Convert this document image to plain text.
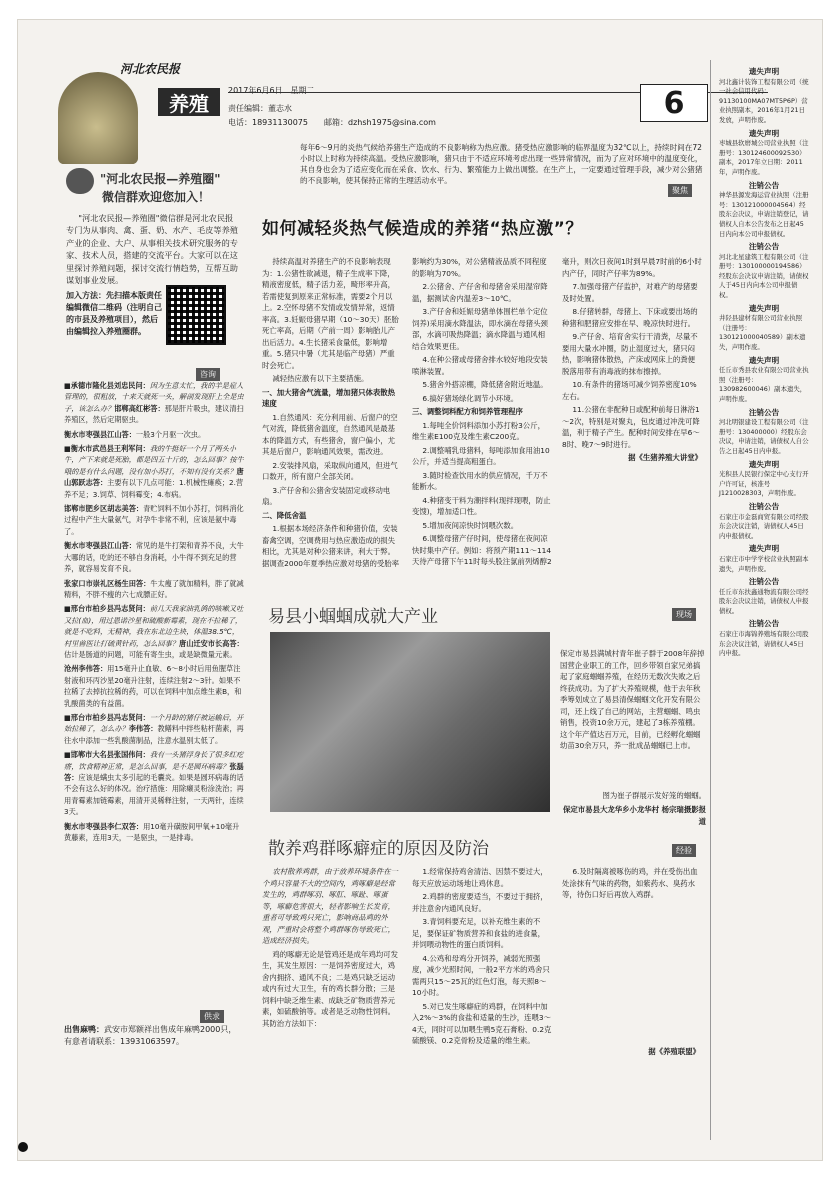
河北农民报
养殖
2017年6月6日　星期二
责任编辑：董志水
电话：18931130075　　 邮箱：dzhsh1975@sina.com
6
每年6～9月的炎热气候给养猪生产造成的不良影响称为热应激。猪受热应激影响的临界温度为32℃以上，持续时间在72小时以上时称为持续高温。受热应激影响，猪只由于不适应环境考虑出现一些异常情况，而为了应对环境中的温度变化，其自身也会为了适应变化而在采食、饮水、行为、繁殖能力上做出调整。在生产上，一定要通过管理手段，减少对公猪猪的不良影响，使其保持正常的生理活动水平。
聚焦
"河北农民报—养殖圈"
微信群欢迎您加入！
"河北农民报—养殖圈"微信群是河北农民报专门为从事肉、禽、蛋、奶、水产、毛皮等养殖产业的企业、大户、从事相关技术研究服务的专家、技术人员，搭建的交流平台。大家可以在这里探讨养殖问题，探讨交流行情趋势，互帮互助谋划事业发展。
加入方法：先扫描本版责任编辑微信二维码（注明自己的市县及养殖项目），然后由编辑拉入养殖圈群。
咨询
■承德市隆化县刘忠民问：因为生意太忙，我的羊是雇人管理的，很粗放，十来天就死一头，解剖发现肝上全是虫子，该怎么办？邯郸高红彬答：那是肝片吸虫，建议清扫养殖区，然后定期驱虫。
衡水市枣强县江山答：一般3个月驱一次虫。
■衡水市武邑县王利军问：我的牛挺好一个月了两头小牛，产下来就是死胎，都是四五十斤的，怎么回事？按牛哦的是有什么问题，没有加小苏打，不知有没有关系？唐山郭跃志答：主要有以下几点可能：1.机械性瘫痪；2.营养不足；3.饲草、饲料霉变；4.布病。
邯郸市肥乡区胡志美答：青贮饲料不加小苏打，饲料消化过程中产生大量氨气，对孕牛非常不利，应该是氨中毒了。
衡水市枣强县江山答：常见的是牛打架和青养不良，大牛大哪的话，吃的还不够自身消耗，小牛得不到充足的营养，就容易发育不良。
张家口市崇礼区杨生田答：牛太瘦了就加精料，胖了就减精料，不胖不瘦的六七成膘正好。
■邢台市柏乡县冯志贤问：前几天我家油乳鸽的咳嗽又吐又拉(血)，用过恩诺沙星和硫酸新霉素，现在不拉稀了，就是不吃料，无精神，我在东北边生块，体温38.5℃，村里兽医让打硫黄针药，怎么回事？唐山迁安市长高答：估计是肠道的问题，可能有寄生虫，或是缺微量元素。
沧州李伟答：用15毫升止血敏、6～8小时后用鱼腥草注射液和环丙沙星20毫升注射，连续注射2～3针。如果不拉稀了去掉抗拉稀的药，可以在饲料中加点维生素B，和乳酸菌类的有益菌。
■邢台市柏乡县冯志贤问：一个月龄的猪仔被运输后，开始拉稀了，怎么办？李伟答：教鳝料中拌些粘杆菌素，再往水中添加一些乳酸菌制品，注意水温别太低了。
■邯郸市大名县张国伟问：我有一头猪浮身长了很多红疙瘩，饮食精神正常，是怎么回事，是不是圆环病毒？张磊答：应该是螨虫太多引起的毛囊炎。如果是圆环病毒的话不会有这么好的体况。治疗措施：用除癞灵粉涂洗治；再用青霉素加链霉素，用清开灵稀释注射，一天两针，连续3天。
衡水市枣强县李仁双答：用10毫升磺胺间甲氧+10毫升黄藤素，连用3天，一是驱虫，一是排毒。
供求
出售麻鸭：武安市郑额祥出售成年麻鸭2000只，有意者请联系：13931063597。
如何减轻炎热气候造成的养猪“热应激”？

持续高温对养猪生产的不良影响表现为：1.公猪性欲减退，精子生成率下降，精液密度低，精子活力差，畸形率升高，若需使复到原来正常标准，需要2个月以上。2.空怀母猪不发情或发情异常，返情率高。3.妊娠母猪早期（10～30天）胚胎死亡率高，后期（产前一周）影响胎儿产出后活力。4.生长猪采食量低，影响增重。5.猪只中暑（尤其是临产母猪）严重时会死亡。

减轻热应激有以下主要措施。

一、加大猪舍气流量，增加猪只体表散热速度

1.自然通风：充分利用前、后窗户的空气对流，降低猪舍温度，自然通风是最基本的降温方式，有些猪舍，窗户偏小，尤其是后窗户，影响通风效果，需改进。

2.安装排风扇，采取纵向通风，但进气口数开，所有窗户全部关闭。

3.产仔舍和公猪舍安装固定或移动电扇。

二、降低舍温

1.根据本场经济条件和种猪价值，安装畜禽空调，空调费用与热应激造成的损失相比，尤其是对种公猪来讲，利大于弊。据调查2000年夏季热应激对母猪的受胎率影响约为30%，对公猪精液品质不同程度的影响为70%。

2.公猪舍、产仔舍和母猪舍采用湿帘降温，据测试舍内温差3～10℃。

3.产仔舍和妊娠母猪单体围栏单个定位饲养)采用滴水降温法，即水滴在母猪头颈部，水滴可吸热降温；滴水降温与通风相结合效果更佳。

4.在种公猪或母猪舍排水较好地段安装喷淋装置。

5.猪舍外搭凉棚，降低猪舍附近地温。

6.搞好猪场绿化调节小环境。

三、调整饲料配方和饲养管理程序

1.每吨全价饲料添加小苏打粉3公斤，维生素E100克及维生素C200克。

2.调整哺乳母猪料，每吨添加食用油10公斤，并适当提高粗蛋白。

3.随时检查饮用水的供应情况，千万不能断水。

4.种猪变干料为潮拌料(现拌现喂，防止变馊)，增加适口性。

5.增加夜间凉快时饲喂次数。

6.调整母猪产仔时间，使母猪在夜间凉快时集中产仔。例如：将预产期111～114天待产母猪下午11时每头股注氯前列烯醇2毫升，则次日夜间1时到早晨7时前的6小时内产仔，同时产仔率为89%。

7.加强母猪产仔监护，对难产的母猪要及时处置。

8.仔猪转群，母猪上、下床或要出场的种猪和肥猪应安排在早、晚凉快时进行。

9.产仔舍、培育舍实行干清粪，尽量不要用大量水冲圈，防止湿度过大，猪只闷热，影响猪体散热，产床或网床上的粪便脱落用带有消毒液的抹布擦掉。

10.有条件的猪场可减少饲养密度10%左右。

11.公猪在非配种日或配种前每日淋浴1～2次，特别是对聚丸，包皮通过冲洗可降温，利于精子产生。配种时间安排在早6～8时、晚7～9时进行。

据《生猪养殖大讲堂》

易县小蝈蝈成就大产业	现场
保定市易县满城村青年崔子群于2008年辞掉国营企业职工的工作，回乡带领自家兄弟搞起了家庭蝈蝈养殖，在经历无数次失败之后终获成功。为了扩大养殖规模，他于去年秋季筹划成立了易县清保蝈蝈文化开发有限公司，还上线了自己的网站，主营蝈蝈、鸣虫销售，投资10余万元，建起了3栋养殖棚。这个年产值达百万元，目前，已经孵化蝈蝈幼苗30余万只，养一批成品蝈蝈已上市。
图为崔子群展示发好笼的蝈蝈。
保定市易县大龙华乡小龙华村 杨宗瑞摄影报道
散养鸡群啄癖症的原因及防治	经验

农村散养鸡群，由于放养环境条件在一个鸡只容量不大的空间内，鸡啄癖是经常发生的，鸡群啄羽、啄肛、啄趾、啄蛋等，啄癖危害很大，轻者影响生长发育，重者可导致鸡只死亡，影响商品鸡的外观，严重时会将整个鸡群啄伤导致死亡，造成经济损失。

鸡的啄癖无论是管鸡还是成年鸡均可发生，其发生原因：一是饲养密度过大，鸡舍内拥挤、通风不良；二是鸡只缺乏运动或内有过大卫生，有的鸡长群分散；三是饲料中缺乏维生素、成缺乏矿物质营养元素，如硫酸钠等。或者是乏动物性饲料。其防治方法如下：

1.经常保持鸡舍清洁、因禁不要过大，每天应放运动场地让鸡休息。

2.鸡群的密度要适当，不要过于拥挤，并注意舍内通风良好。

3.青饲料要充足，以补充维生素的不足，要保证矿物质营养和食盐的进食量，并饲喂动物性的蛋白质饲料。

4.公鸡和母鸡分开饲养，减弱光照强度，减少光照时间，一般2平方米的鸡舍只需两只15～25瓦的红色灯泡，每天照8～10小时。

5.对已发生啄癖症的鸡群，在饲料中加入2%～3%的食盐和适量的生沙，连喂3～4天，同时可以加喂生鸭5克石膏粉、0.2克硫酸镁、0.2克骨粉及适量的维生素。

6.及时隔离被啄伤的鸡，并在受伤出血处涂抹有气味的药物，如紫药水、臭药水等，待伤口好后再放入鸡群。

据《养殖联盟》
遗失声明
河北鑫计装饰工程有限公司（统一社会信用代码：91130100MA07MT5P6P）营业执照副本，2016年1月21日发放，声明作废。
遗失声明
枣城县软磨城公司营业执照（注册号：130124600092530）副本，2017年立日期：2011年，声明作废。
注销公告
神华县源发海运营业执照（注册号：130121000004564）经股东会决议，申请注销登记，请债权人自本公告发布之日起45日内向本公司申报债权。
注销公告
河北北星建筑工程有限公司（注册号：130100000194586）经股东会决议申请注销，请债权人于45日内向本公司申报债权。
遗失声明
井陉县建材有限公司营业执照（注册号：130121000040589）副本遗失，声明作废。
遗失声明
任丘市秀县农业有限公司营业执照（注册号：130982600046）副本遗失，声明作废。
注销公告
河北明银建设工程有限公司（注册号：130400000）经股东会决议，申请注销，请债权人自公告之日起45日内申报。
遗失声明
光积县人民银行保定中心支行开户许可证，核准号J1210028303，声明作废。
注销公告
石家庄市金磊商贸有限公司经股东会决议注销，请债权人45日内申报债权。
遗失声明
石家庄市中学学校营业执照副本遗失，声明作废。
注销公告
任丘市东扶鑫通物流有限公司经股东会决议注销，请债权人申报债权。
注销公告
石家庄市海锦养殖场有限公司股东会决议注销，请债权人45日内申报。
